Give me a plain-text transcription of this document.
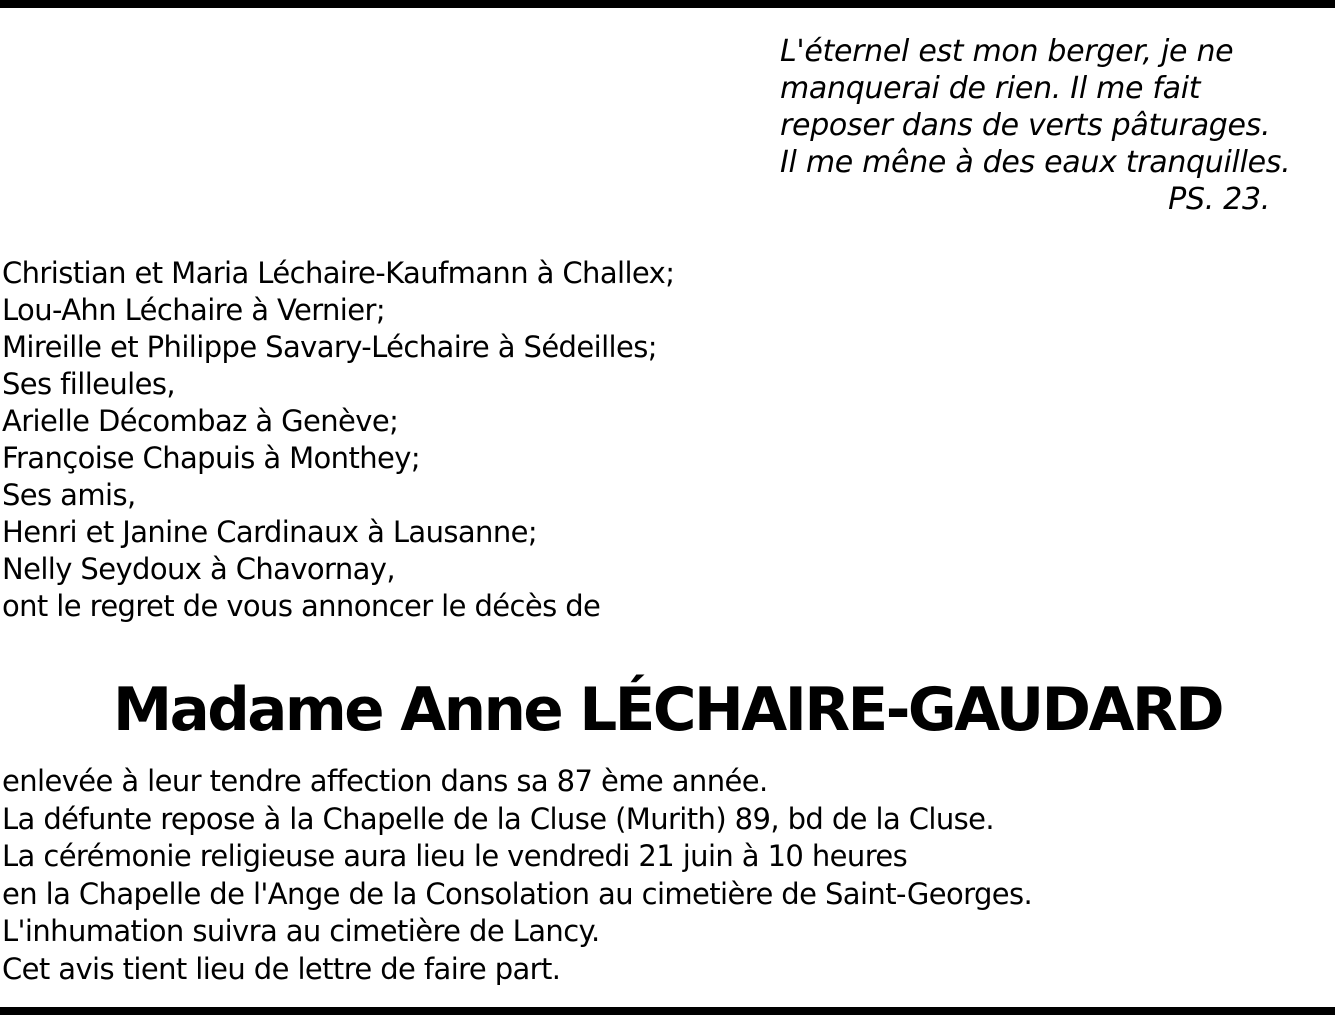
L'éternel est mon berger, je ne
manquerai de rien. Il me fait
reposer dans de verts pâturages.
Il me mêne à des eaux tranquilles.
PS. 23.
Christian et Maria Léchaire-Kaufmann à Challex;
Lou-Ahn Léchaire à Vernier;
Mireille et Philippe Savary-Léchaire à Sédeilles;
Ses filleules,
Arielle Décombaz à Genève;
Françoise Chapuis à Monthey;
Ses amis,
Henri et Janine Cardinaux à Lausanne;
Nelly Seydoux à Chavornay,
ont le regret de vous annoncer le décès de
Madame Anne LÉCHAIRE-GAUDARD
enlevée à leur tendre affection dans sa 87 ème année.
La défunte repose à la Chapelle de la Cluse (Murith) 89, bd de la Cluse.
La cérémonie religieuse aura lieu le vendredi 21 juin à 10 heures
en la Chapelle de l'Ange de la Consolation au cimetière de Saint-Georges.
L'inhumation suivra au cimetière de Lancy.
Cet avis tient lieu de lettre de faire part.
